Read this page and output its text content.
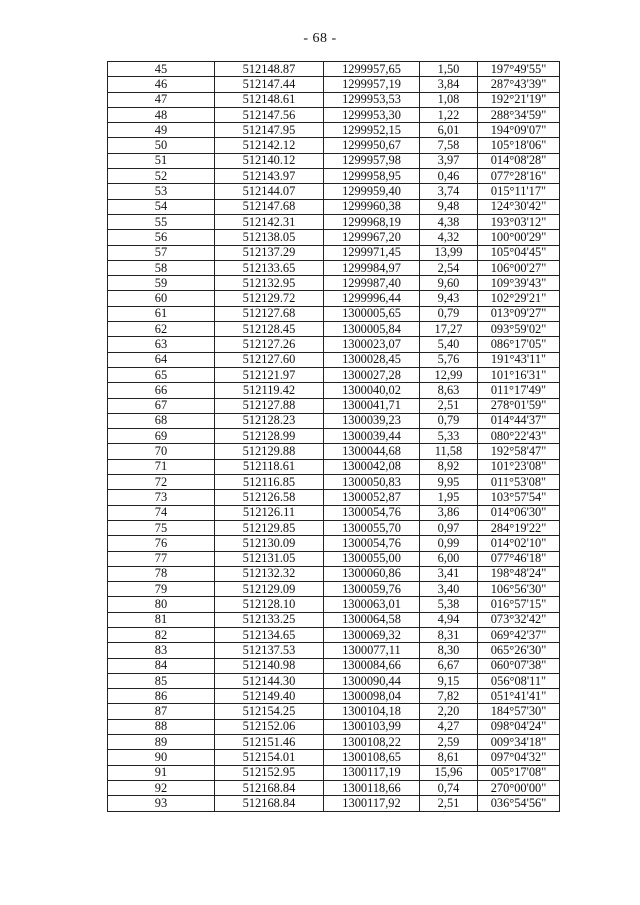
- 68 -
45	512148.87	1299957,65	1,50	197°49'55"
46	512147.44	1299957,19	3,84	287°43'39"
47	512148.61	1299953,53	1,08	192°21'19"
48	512147.56	1299953,30	1,22	288°34'59"
49	512147.95	1299952,15	6,01	194°09'07"
50	512142.12	1299950,67	7,58	105°18'06"
51	512140.12	1299957,98	3,97	014°08'28"
52	512143.97	1299958,95	0,46	077°28'16"
53	512144.07	1299959,40	3,74	015°11'17"
54	512147.68	1299960,38	9,48	124°30'42"
55	512142.31	1299968,19	4,38	193°03'12"
56	512138.05	1299967,20	4,32	100°00'29"
57	512137.29	1299971,45	13,99	105°04'45"
58	512133.65	1299984,97	2,54	106°00'27"
59	512132.95	1299987,40	9,60	109°39'43"
60	512129.72	1299996,44	9,43	102°29'21"
61	512127.68	1300005,65	0,79	013°09'27"
62	512128.45	1300005,84	17,27	093°59'02"
63	512127.26	1300023,07	5,40	086°17'05"
64	512127.60	1300028,45	5,76	191°43'11"
65	512121.97	1300027,28	12,99	101°16'31"
66	512119.42	1300040,02	8,63	011°17'49"
67	512127.88	1300041,71	2,51	278°01'59"
68	512128.23	1300039,23	0,79	014°44'37"
69	512128.99	1300039,44	5,33	080°22'43"
70	512129.88	1300044,68	11,58	192°58'47"
71	512118.61	1300042,08	8,92	101°23'08"
72	512116.85	1300050,83	9,95	011°53'08"
73	512126.58	1300052,87	1,95	103°57'54"
74	512126.11	1300054,76	3,86	014°06'30"
75	512129.85	1300055,70	0,97	284°19'22"
76	512130.09	1300054,76	0,99	014°02'10"
77	512131.05	1300055,00	6,00	077°46'18"
78	512132.32	1300060,86	3,41	198°48'24"
79	512129.09	1300059,76	3,40	106°56'30"
80	512128.10	1300063,01	5,38	016°57'15"
81	512133.25	1300064,58	4,94	073°32'42"
82	512134.65	1300069,32	8,31	069°42'37"
83	512137.53	1300077,11	8,30	065°26'30"
84	512140.98	1300084,66	6,67	060°07'38"
85	512144.30	1300090,44	9,15	056°08'11"
86	512149.40	1300098,04	7,82	051°41'41"
87	512154.25	1300104,18	2,20	184°57'30"
88	512152.06	1300103,99	4,27	098°04'24"
89	512151.46	1300108,22	2,59	009°34'18"
90	512154.01	1300108,65	8,61	097°04'32"
91	512152.95	1300117,19	15,96	005°17'08"
92	512168.84	1300118,66	0,74	270°00'00"
93	512168.84	1300117,92	2,51	036°54'56"
